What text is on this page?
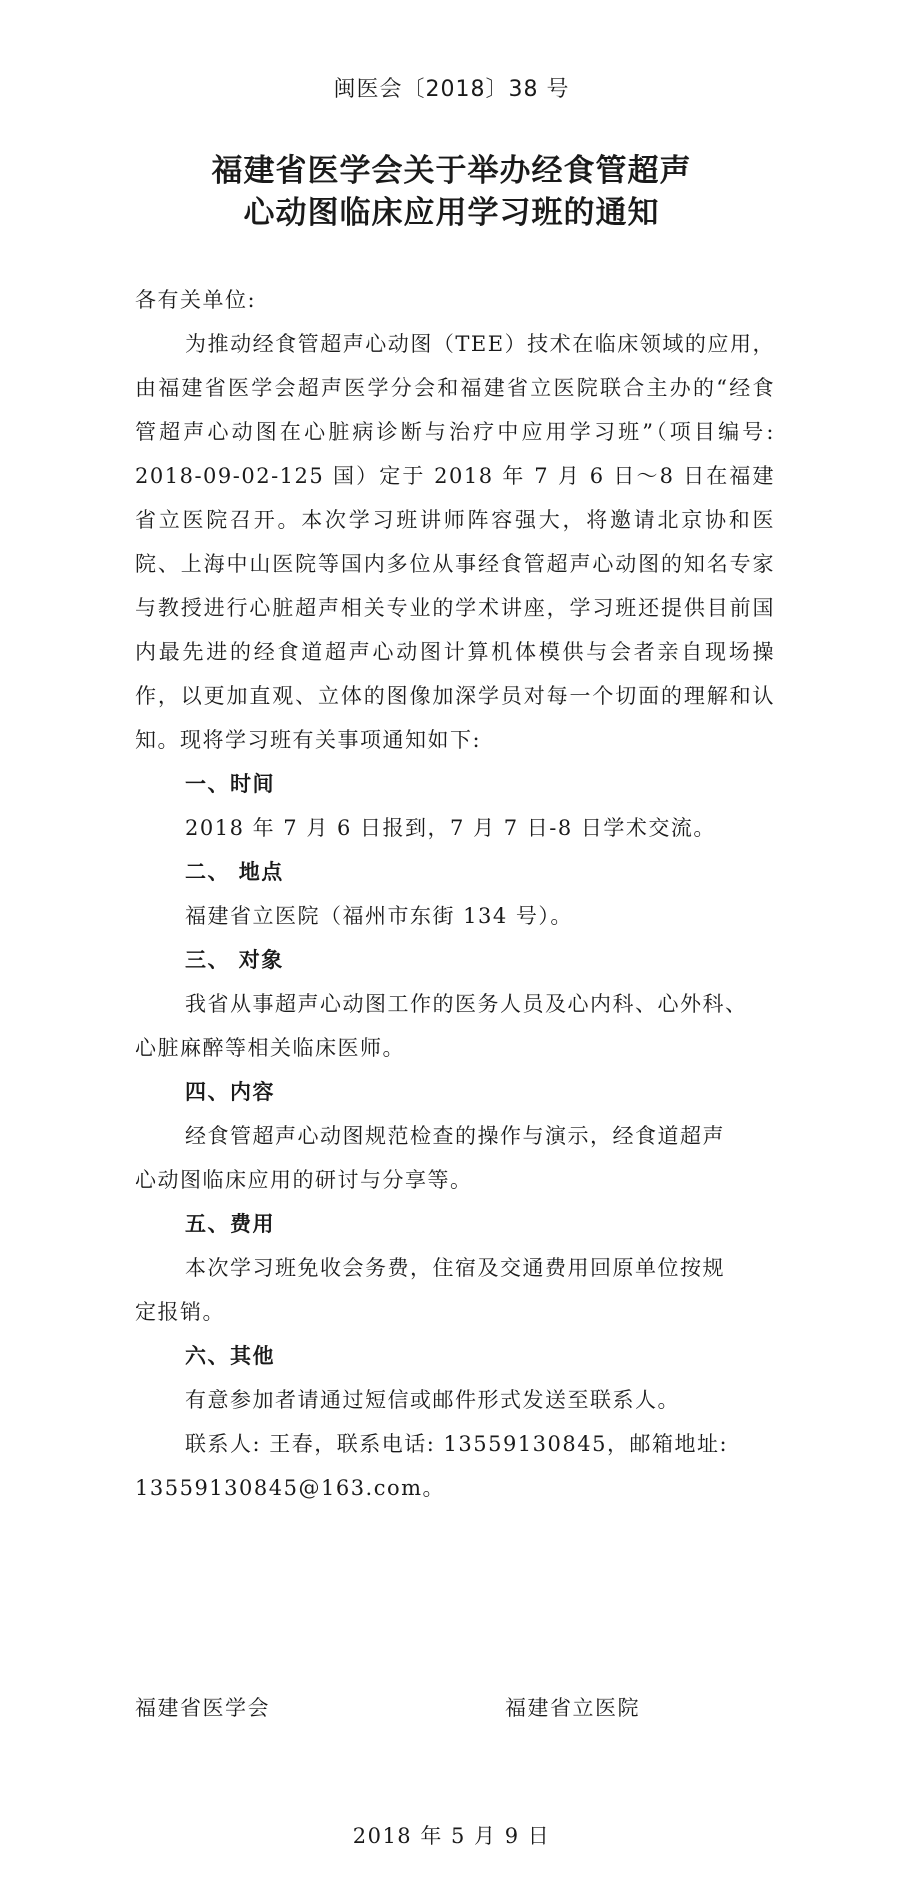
闽医会〔2018〕38 号
福建省医学会关于举办经食管超声
心动图临床应用学习班的通知

各有关单位:

为推动经食管超声心动图（TEE）技术在临床领域的应用，由福建省医学会超声医学分会和福建省立医院联合主办的“经食管超声心动图在心脏病诊断与治疗中应用学习班”（项目编号: 2018-09-02-125 国）定于 2018 年 7 月 6 日～8 日在福建省立医院召开。本次学习班讲师阵容强大，将邀请北京协和医院、上海中山医院等国内多位从事经食管超声心动图的知名专家与教授进行心脏超声相关专业的学术讲座，学习班还提供目前国内最先进的经食道超声心动图计算机体模供与会者亲自现场操作，以更加直观、立体的图像加深学员对每一个切面的理解和认知。现将学习班有关事项通知如下:

一、时间

2018 年 7 月 6 日报到，7 月 7 日-8 日学术交流。

二、 地点

福建省立医院（福州市东街 134 号）。

三、 对象

我省从事超声心动图工作的医务人员及心内科、心外科、

心脏麻醉等相关临床医师。

四、内容

经食管超声心动图规范检查的操作与演示，经食道超声

心动图临床应用的研讨与分享等。

五、费用

本次学习班免收会务费，住宿及交通费用回原单位按规

定报销。

六、其他

有意参加者请通过短信或邮件形式发送至联系人。

联系人: 王春，联系电话: 13559130845，邮箱地址:

13559130845@163.com。

福建省医学会	福建省立医院
2018 年 5 月 9 日
